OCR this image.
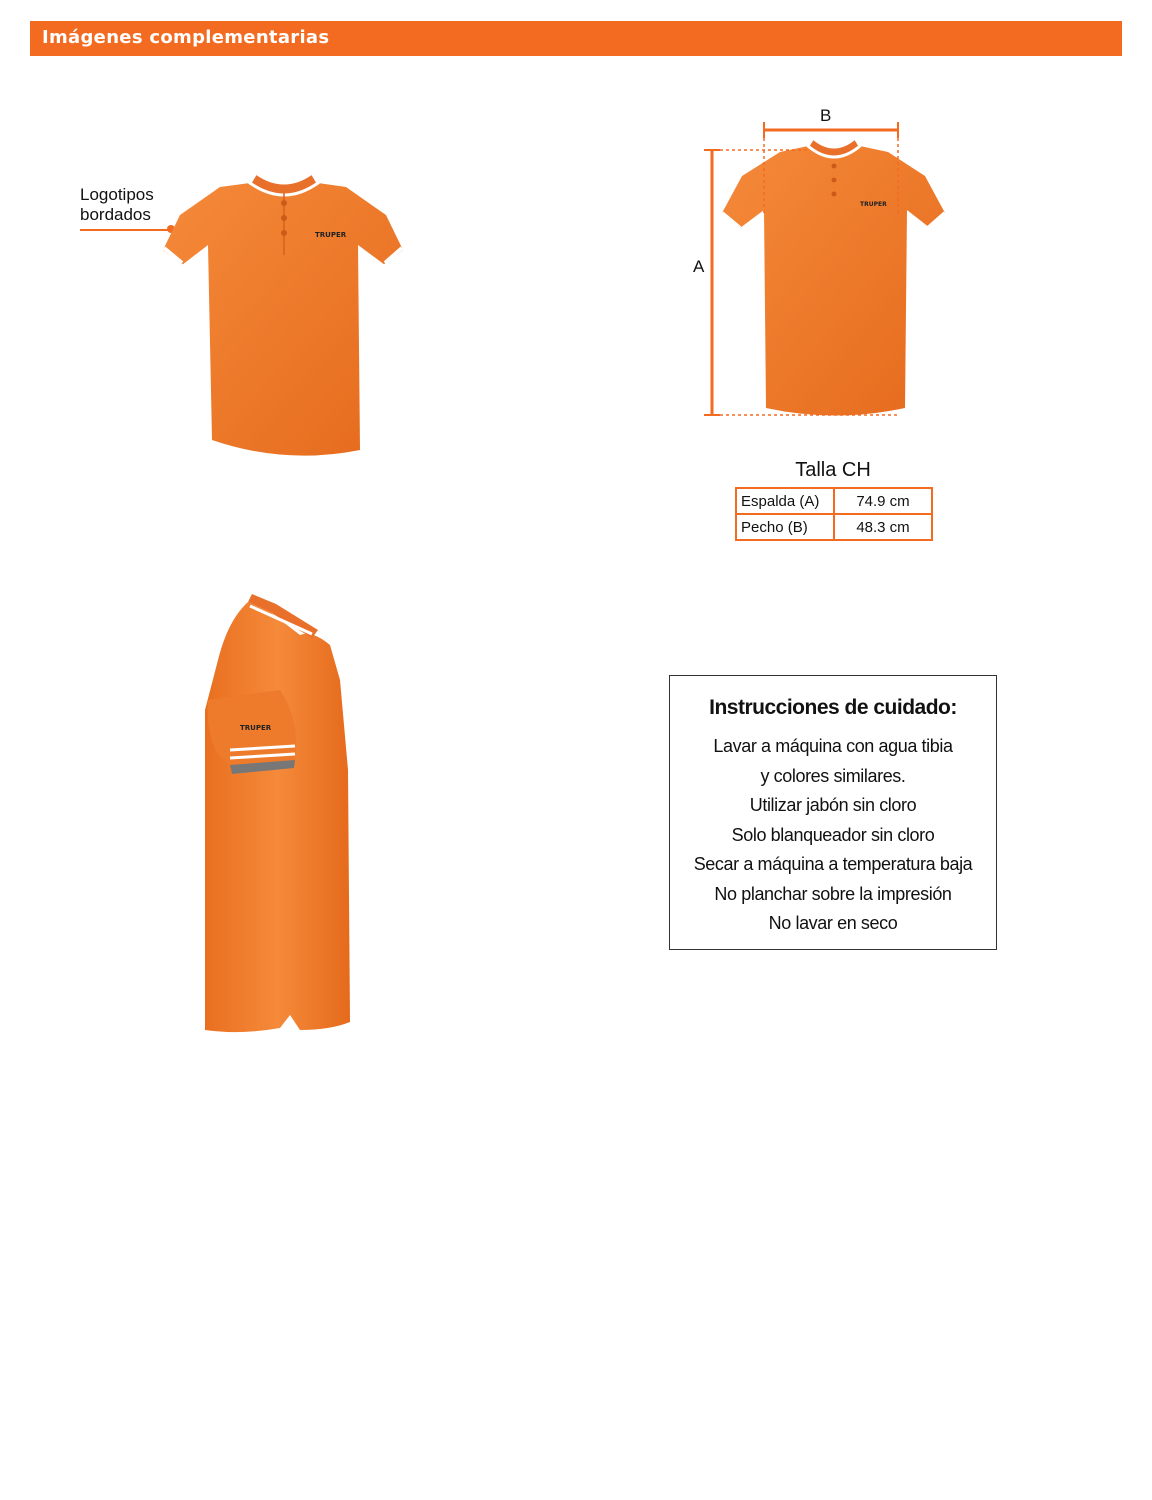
Imágenes complementarias
Logotipos
bordados
TRUPER
TRUPER
B
A
Talla CH
Espalda (A)	74.9 cm
Pecho (B)	48.3 cm
TRUPER
Instrucciones de cuidado:
Lavar a máquina con agua tibia
y colores similares.
Utilizar jabón sin cloro
Solo blanqueador sin cloro
Secar a máquina a temperatura baja
No planchar sobre la impresión
No lavar en seco
